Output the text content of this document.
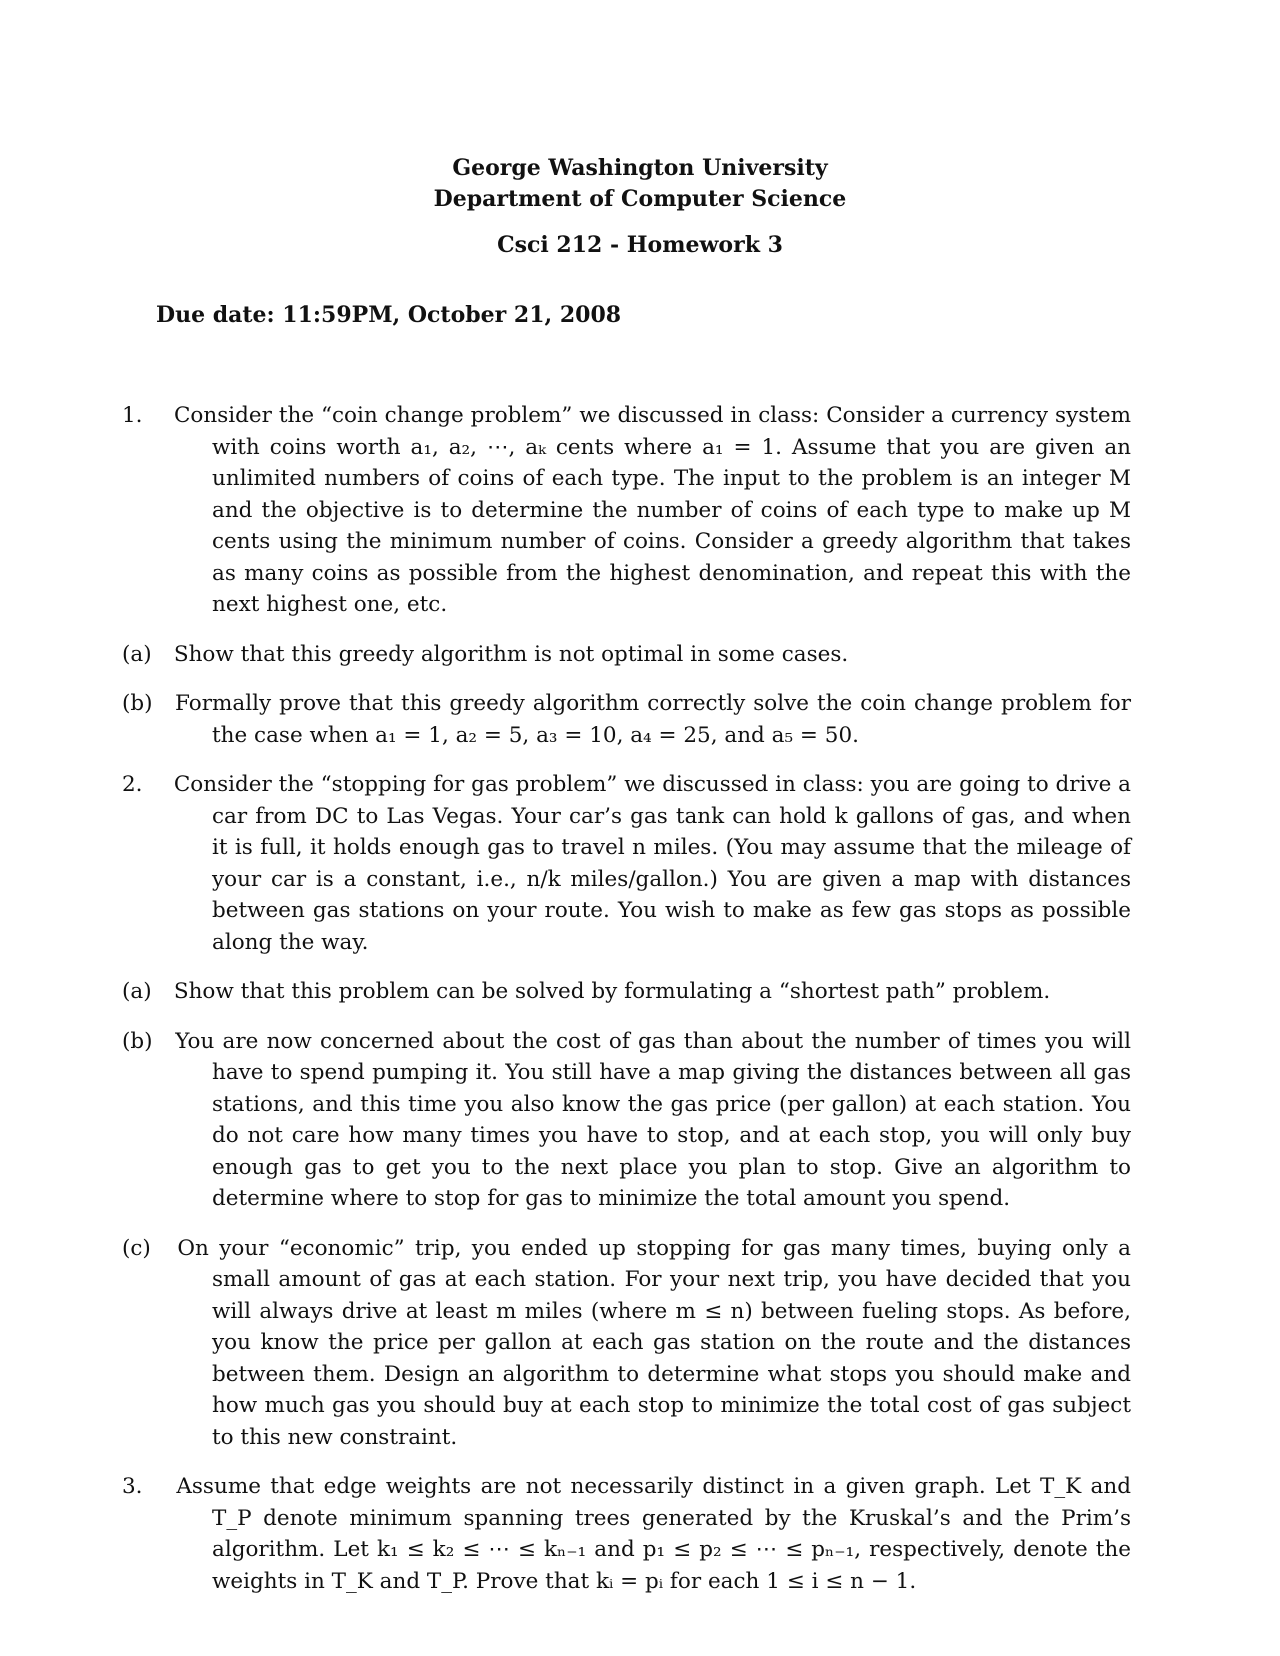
George Washington University
Department of Computer Science
Csci 212 - Homework 3
Due date: 11:59PM, October 21, 2008

1. Consider the “coin change problem” we discussed in class: Consider a currency system with coins worth a₁, a₂, ⋯, aₖ cents where a₁ = 1. Assume that you are given an unlimited numbers of coins of each type. The input to the problem is an integer M and the objective is to determine the number of coins of each type to make up M cents using the minimum number of coins. Consider a greedy algorithm that takes as many coins as possible from the highest denomination, and repeat this with the next highest one, etc.

(a) Show that this greedy algorithm is not optimal in some cases.

(b) Formally prove that this greedy algorithm correctly solve the coin change problem for the case when a₁ = 1, a₂ = 5, a₃ = 10, a₄ = 25, and a₅ = 50.

2. Consider the “stopping for gas problem” we discussed in class: you are going to drive a car from DC to Las Vegas. Your car’s gas tank can hold k gallons of gas, and when it is full, it holds enough gas to travel n miles. (You may assume that the mileage of your car is a constant, i.e., n/k miles/gallon.) You are given a map with distances between gas stations on your route. You wish to make as few gas stops as possible along the way.

(a) Show that this problem can be solved by formulating a “shortest path” problem.

(b) You are now concerned about the cost of gas than about the number of times you will have to spend pumping it. You still have a map giving the distances between all gas stations, and this time you also know the gas price (per gallon) at each station. You do not care how many times you have to stop, and at each stop, you will only buy enough gas to get you to the next place you plan to stop. Give an algorithm to determine where to stop for gas to minimize the total amount you spend.

(c) On your “economic” trip, you ended up stopping for gas many times, buying only a small amount of gas at each station. For your next trip, you have decided that you will always drive at least m miles (where m ≤ n) between fueling stops. As before, you know the price per gallon at each gas station on the route and the distances between them. Design an algorithm to determine what stops you should make and how much gas you should buy at each stop to minimize the total cost of gas subject to this new constraint.

3. Assume that edge weights are not necessarily distinct in a given graph. Let T_K and T_P denote minimum spanning trees generated by the Kruskal’s and the Prim’s algorithm. Let k₁ ≤ k₂ ≤ ⋯ ≤ kₙ₋₁ and p₁ ≤ p₂ ≤ ⋯ ≤ pₙ₋₁, respectively, denote the weights in T_K and T_P. Prove that kᵢ = pᵢ for each 1 ≤ i ≤ n − 1.
